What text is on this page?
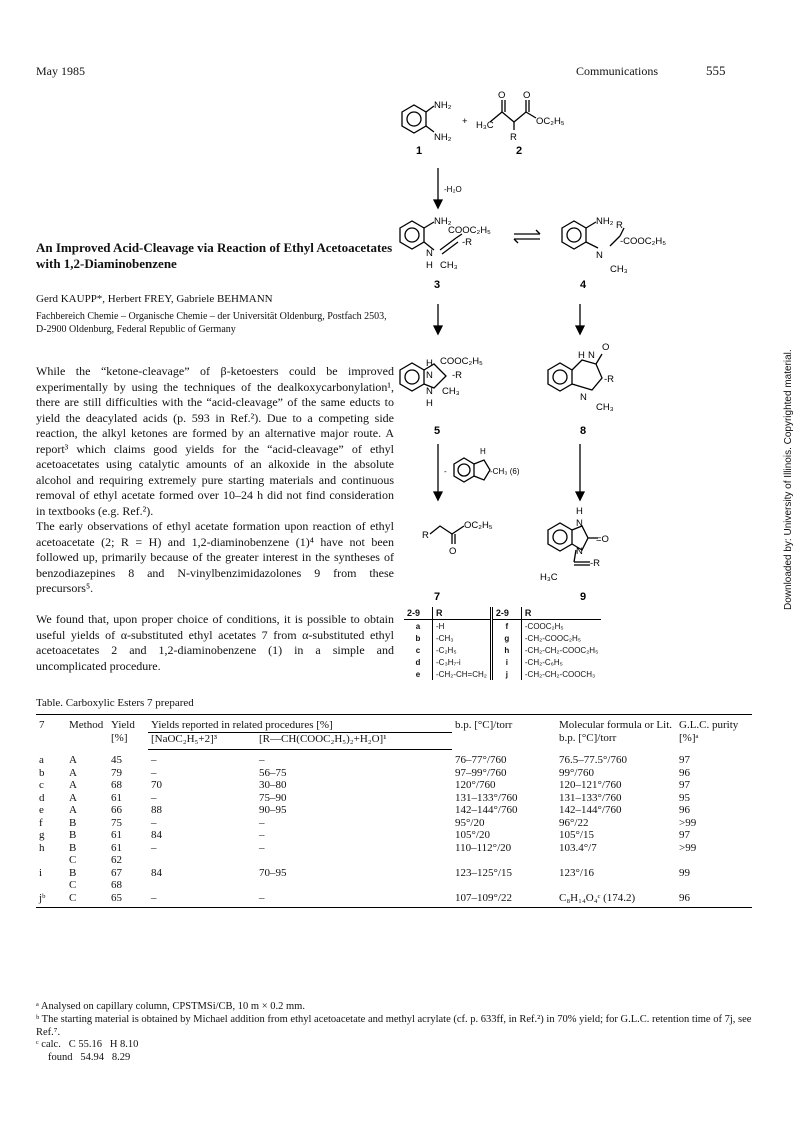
May 1985	Communications	555
An Improved Acid-Cleavage via Reaction of Ethyl Acetoacetates with 1,2-Diaminobenzene
Gerd KAUPP*, Herbert FREY, Gabriele BEHMANN
Fachbereich Chemie – Organische Chemie – der Universität Oldenburg, Postfach 2503, D-2900 Oldenburg, Federal Republic of Germany
While the “ketone-cleavage” of β-ketoesters could be improved experimentally by using the techniques of the dealkoxycarbonylation¹, there are still difficulties with the “acid-cleavage” of the same educts to yield the deacylated acids (p. 593 in Ref.²). Due to a competing side reaction, the alkyl ketones are formed by an alternative major route. A report³ which claims good yields for the “acid-cleavage” of ethyl acetoacetates using catalytic amounts of an alkoxide in the absolute alcohol and requiring extremely pure starting materials and continuous removal of ethyl acetate formed over 10–24 h did not find consideration in textbooks (e.g. Ref.²).
The early observations of ethyl acetate formation upon reaction of ethyl acetoacetate (2; R = H) and 1,2-diaminobenzene (1)⁴ have not been followed up, primarily because of the greater interest in the syntheses of benzodiazepines 8 and N-vinylbenzimidazolones 9 from these precursors⁵.
We found that, upon proper choice of conditions, it is possible to obtain useful yields of α-substituted ethyl acetates 7 from α-substituted ethyl acetoacetates 2 and 1,2-diaminobenzene (1) in a simple and uncomplicated procedure.
NH₂
NH₂
+ H₃C
O O
OC₂H₅
R
-H₂O
NH₂
COOC₂H₅
-R
N
H CH₃
NH₂ R
-COOC₂H₅
N
CH₃
H
N
COOC₂H₅
-R
N CH₃
H
H N
O
-R
N
CH₃
H
-	-CH₃ (6)
R
OC₂H₅
O
H
N
=O
N
-R
H₃C
1	2
3	4
5	8
7	9
2-9	R	2-9	R
a	-H	f	-COOC₂H₅
b	-CH₃	g	-CH₂-COOC₂H₅
c	-C₂H₅	h	-CH₂-CH₂-COOC₂H₅
d	-C₃H₇-i	i	-CH₂-C₆H₅
e	-CH₂-CH=CH₂	j	-CH₂-CH₂-COOCH₃
Table. Carboxylic Esters 7 prepared
7	Method	Yield [%]	Yields reported in related procedures [%]		b.p. [°C]/torr	Molecular formula or Lit. b.p. [°C]/torr	G.L.C. purity [%]ᵃ
			[NaOC₂H₅+2]³	[R—CH(COOC₂H₅)₂+H₂O]¹			
a	A	45	–	–	76–77°/760	76.5–77.5°/760	97
b	A	79	–	56–75	97–99°/760	99°/760	96
c	A	68	70	30–80	120°/760	120–121°/760	97
d	A	61	–	75–90	131–133°/760	131–133°/760	95
e	A	66	88	90–95	142–144°/760	142–144°/760	96
f	B	75	–	–	95°/20	96°/22	>99
g	B	61	84	–	105°/20	105°/15	97
h	B	61	–	–	110–112°/20	103.4°/7	>99
	C	62					
i	B	67	84	70–95	123–125°/15	123°/16	99
	C	68					
jᵇ	C	65	–	–	107–109°/22	C₈H₁₄O₄ᶜ (174.2)	96
ᵃ Analysed on capillary column, CPSTMSi/CB, 10 m × 0.2 mm.
ᵇ The starting material is obtained by Michael addition from ethyl acetoacetate and methyl acrylate (cf. p. 633ff, in Ref.²) in 70% yield; for G.L.C. retention time of 7j, see Ref.⁷.
ᶜ calc.   C 55.16   H 8.10
found   54.94   8.29
Downloaded by: University of Illinois. Copyrighted material.
